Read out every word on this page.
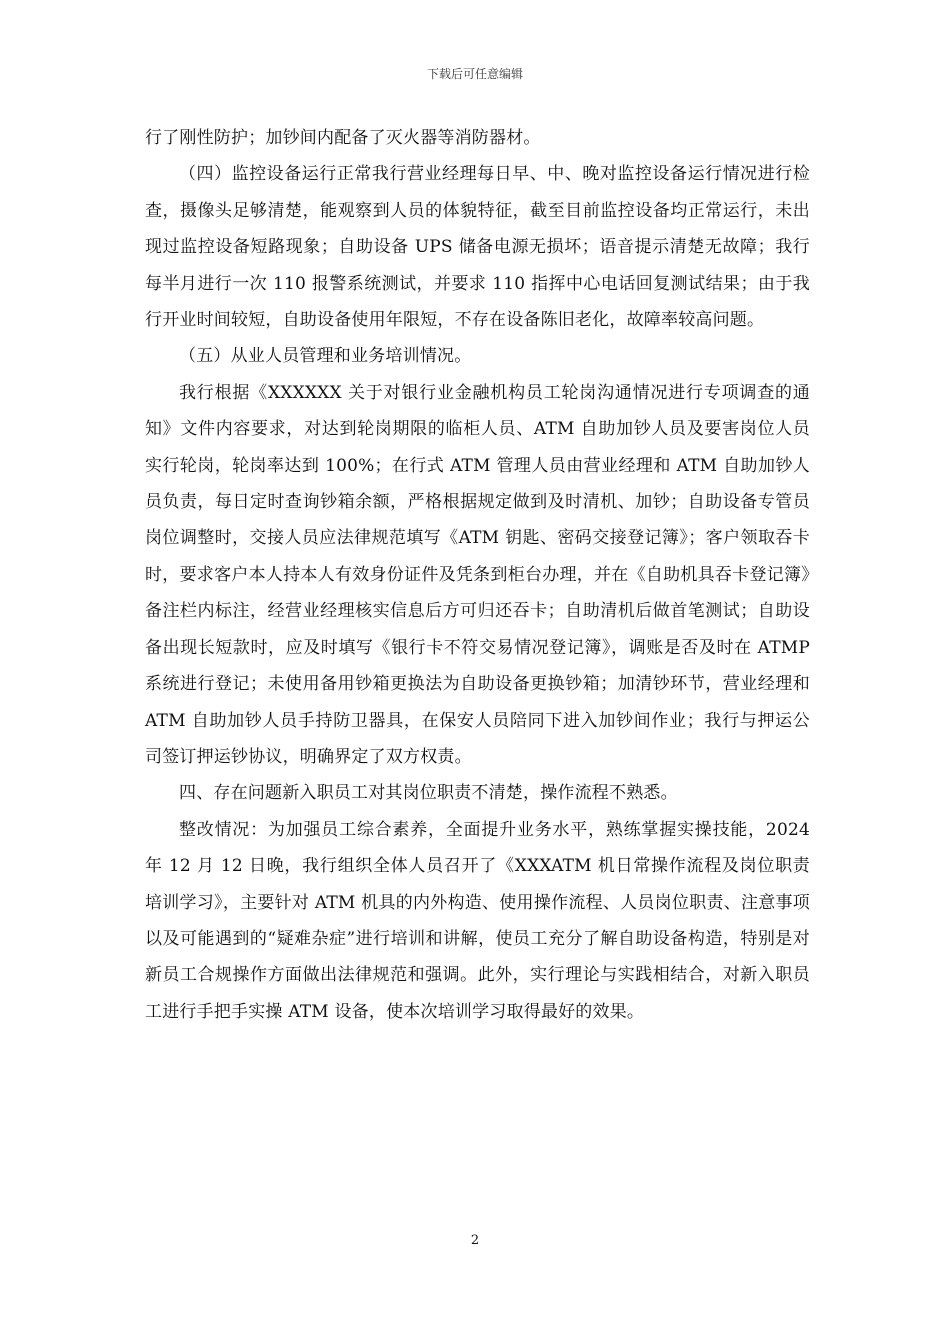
下载后可任意编辑

行了刚性防护；加钞间内配备了灭火器等消防器材。

（四）监控设备运行正常我行营业经理每日早、中、晚对监控设备运行情况进行检查，摄像头足够清楚，能观察到人员的体貌特征，截至目前监控设备均正常运行，未出现过监控设备短路现象；自助设备 UPS 储备电源无损坏；语音提示清楚无故障；我行每半月进行一次 110 报警系统测试，并要求 110 指挥中心电话回复测试结果；由于我行开业时间较短，自助设备使用年限短，不存在设备陈旧老化，故障率较高问题。

（五）从业人员管理和业务培训情况。

我行根据《XXXXXX 关于对银行业金融机构员工轮岗沟通情况进行专项调查的通知》文件内容要求，对达到轮岗期限的临柜人员、ATM 自助加钞人员及要害岗位人员实行轮岗，轮岗率达到 100%；在行式 ATM 管理人员由营业经理和 ATM 自助加钞人员负责，每日定时查询钞箱余额，严格根据规定做到及时清机、加钞；自助设备专管员岗位调整时，交接人员应法律规范填写《ATM 钥匙、密码交接登记簿》；客户领取吞卡时，要求客户本人持本人有效身份证件及凭条到柜台办理，并在《自助机具吞卡登记簿》备注栏内标注，经营业经理核实信息后方可归还吞卡；自助清机后做首笔测试；自助设备出现长短款时，应及时填写《银行卡不符交易情况登记簿》，调账是否及时在 ATMP 系统进行登记；未使用备用钞箱更换法为自助设备更换钞箱；加清钞环节，营业经理和 ATM 自助加钞人员手持防卫器具，在保安人员陪同下进入加钞间作业；我行与押运公司签订押运钞协议，明确界定了双方权责。

四、存在问题新入职员工对其岗位职责不清楚，操作流程不熟悉。

整改情况：为加强员工综合素养，全面提升业务水平，熟练掌握实操技能，2024 年 12 月 12 日晚，我行组织全体人员召开了《XXXATM 机日常操作流程及岗位职责培训学习》，主要针对 ATM 机具的内外构造、使用操作流程、人员岗位职责、注意事项以及可能遇到的“疑难杂症”进行培训和讲解，使员工充分了解自助设备构造，特别是对新员工合规操作方面做出法律规范和强调。此外，实行理论与实践相结合，对新入职员工进行手把手实操 ATM 设备，使本次培训学习取得最好的效果。

2
